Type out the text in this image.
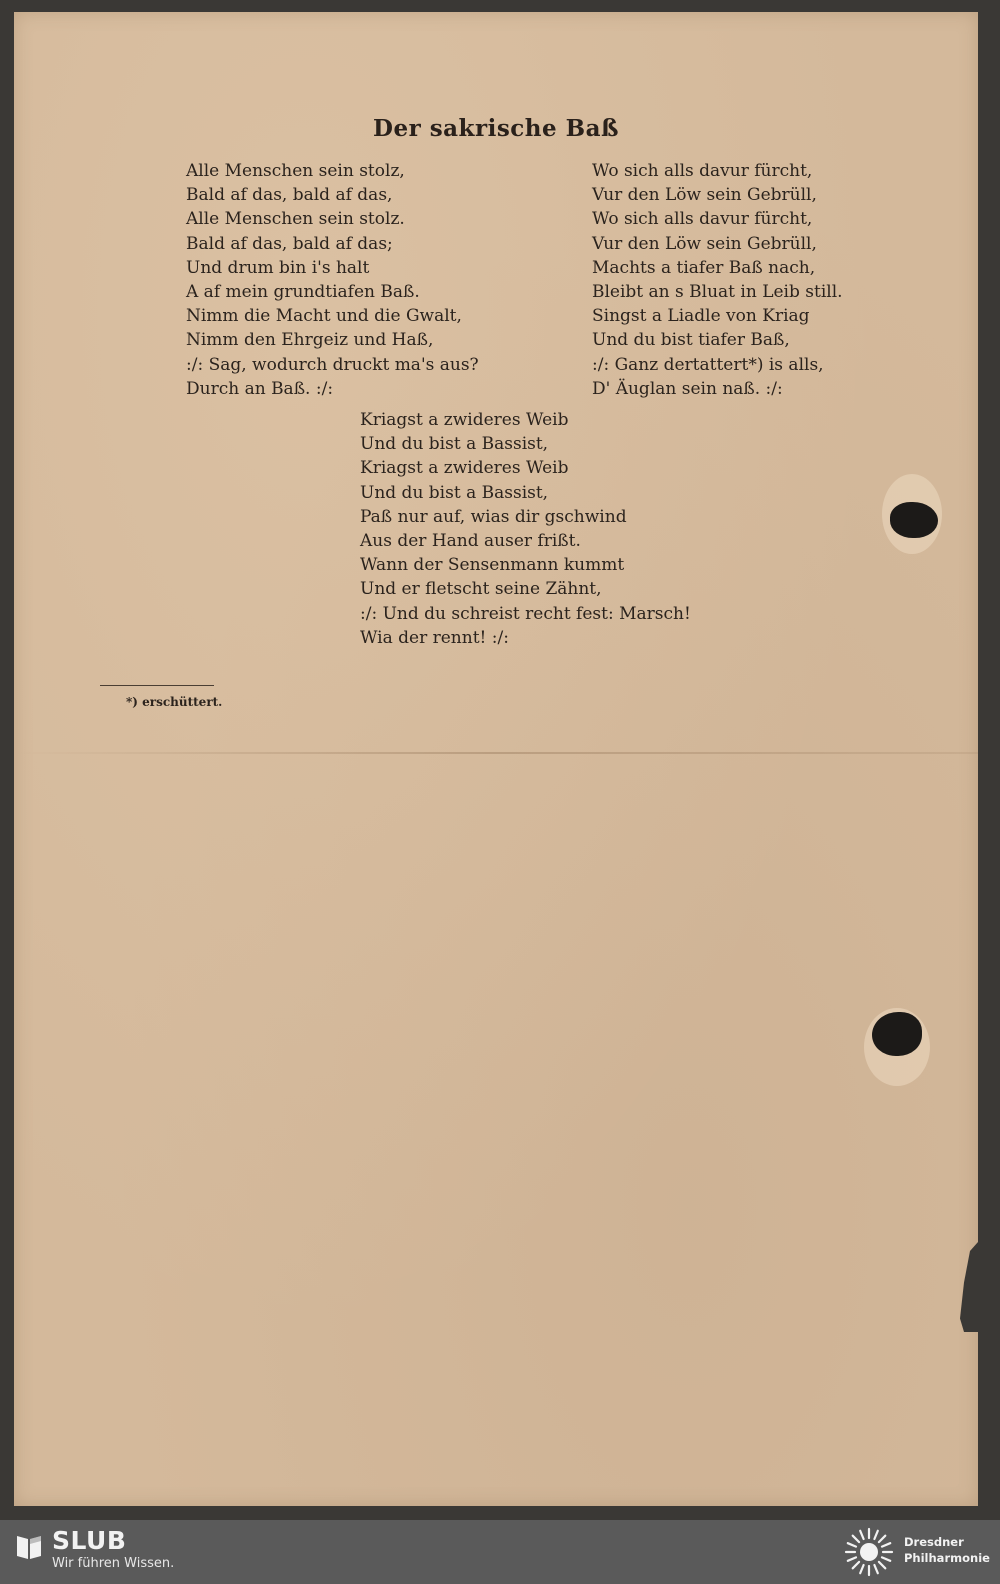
Der sakrische Baß
Alle Menschen sein stolz,
Bald af das, bald af das,
Alle Menschen sein stolz.
Bald af das, bald af das;
Und drum bin i's halt
A af mein grundtiafen Baß.
Nimm die Macht und die Gwalt,
Nimm den Ehrgeiz und Haß,
:/: Sag, wodurch druckt ma's aus?
Durch an Baß. :/:
Wo sich alls davur fürcht,
Vur den Löw sein Gebrüll,
Wo sich alls davur fürcht,
Vur den Löw sein Gebrüll,
Machts a tiafer Baß nach,
Bleibt an s Bluat in Leib still.
Singst a Liadle von Kriag
Und du bist tiafer Baß,
:/: Ganz dertattert*) is alls,
D' Äuglan sein naß. :/:
Kriagst a zwideres Weib
Und du bist a Bassist,
Kriagst a zwideres Weib
Und du bist a Bassist,
Paß nur auf, wias dir gschwind
Aus der Hand auser frißt.
Wann der Sensenmann kummt
Und er fletscht seine Zähnt,
:/: Und du schreist recht fest: Marsch!
Wia der rennt! :/:
*) erschüttert.
SLUB
Wir führen Wissen.
Dresdner
Philharmonie
